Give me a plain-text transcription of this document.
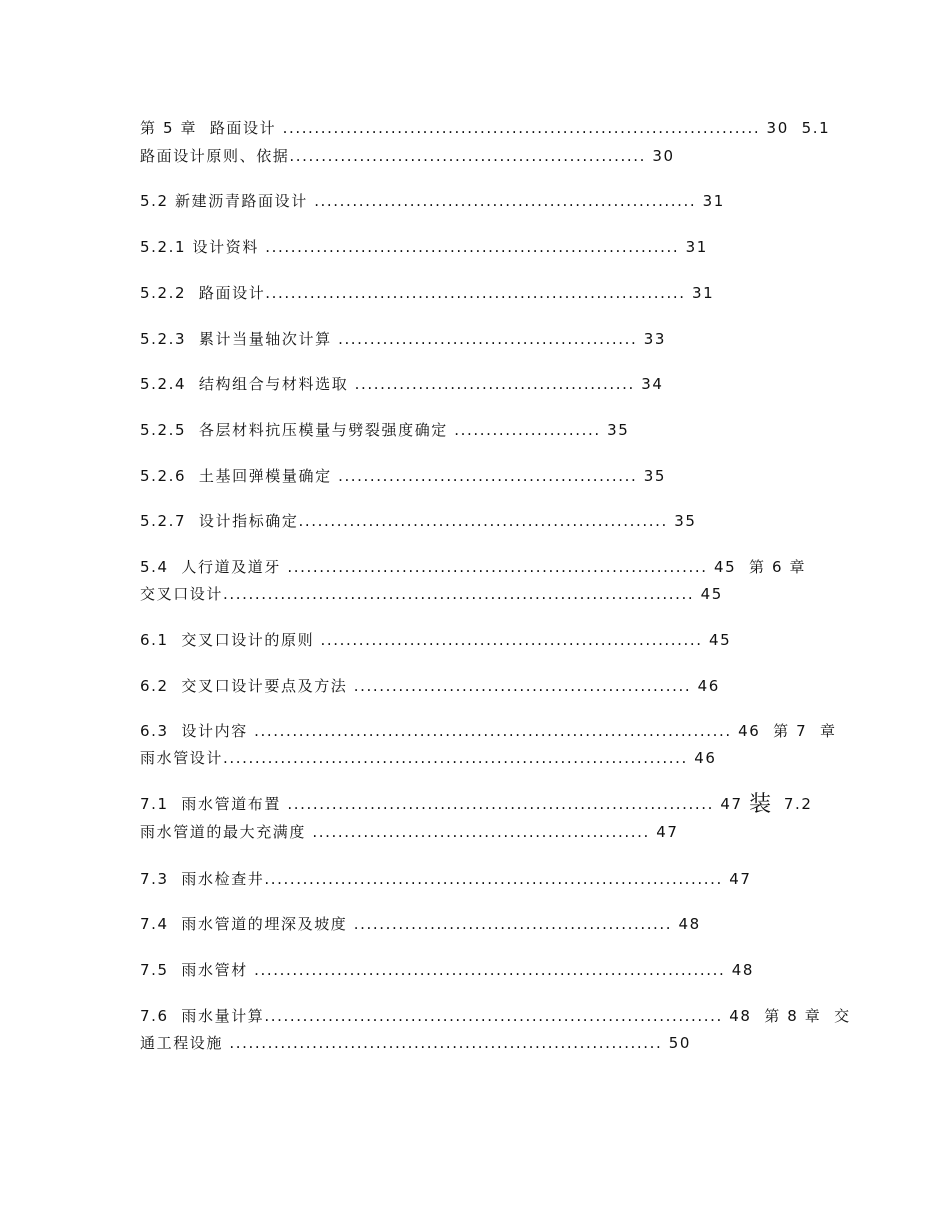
第 5 章  路面设计 ........................................................................... 30  5.1

路面设计原则、依据........................................................ 30

5.2 新建沥青路面设计 ............................................................ 31

5.2.1 设计资料 ................................................................. 31

5.2.2  路面设计.................................................................. 31

5.2.3  累计当量轴次计算 ............................................... 33

5.2.4  结构组合与材料选取 ............................................ 34

5.2.5  各层材料抗压模量与劈裂强度确定 ....................... 35

5.2.6  土基回弹模量确定 ............................................... 35

5.2.7  设计指标确定.......................................................... 35

5.4  人行道及道牙 .................................................................. 45  第 6 章

交叉口设计.......................................................................... 45

6.1  交叉口设计的原则 ............................................................ 45

6.2  交叉口设计要点及方法 ..................................................... 46

6.3  设计内容 ........................................................................... 46  第 7  章

雨水管设计......................................................................... 46

7.1  雨水管道布置 ................................................................... 47 装  7.2

雨水管道的最大充满度 ..................................................... 47

7.3  雨水检查井........................................................................ 47

7.4  雨水管道的埋深及坡度 .................................................. 48

7.5  雨水管材 .......................................................................... 48

7.6  雨水量计算........................................................................ 48  第 8 章  交

通工程设施 .................................................................... 50
